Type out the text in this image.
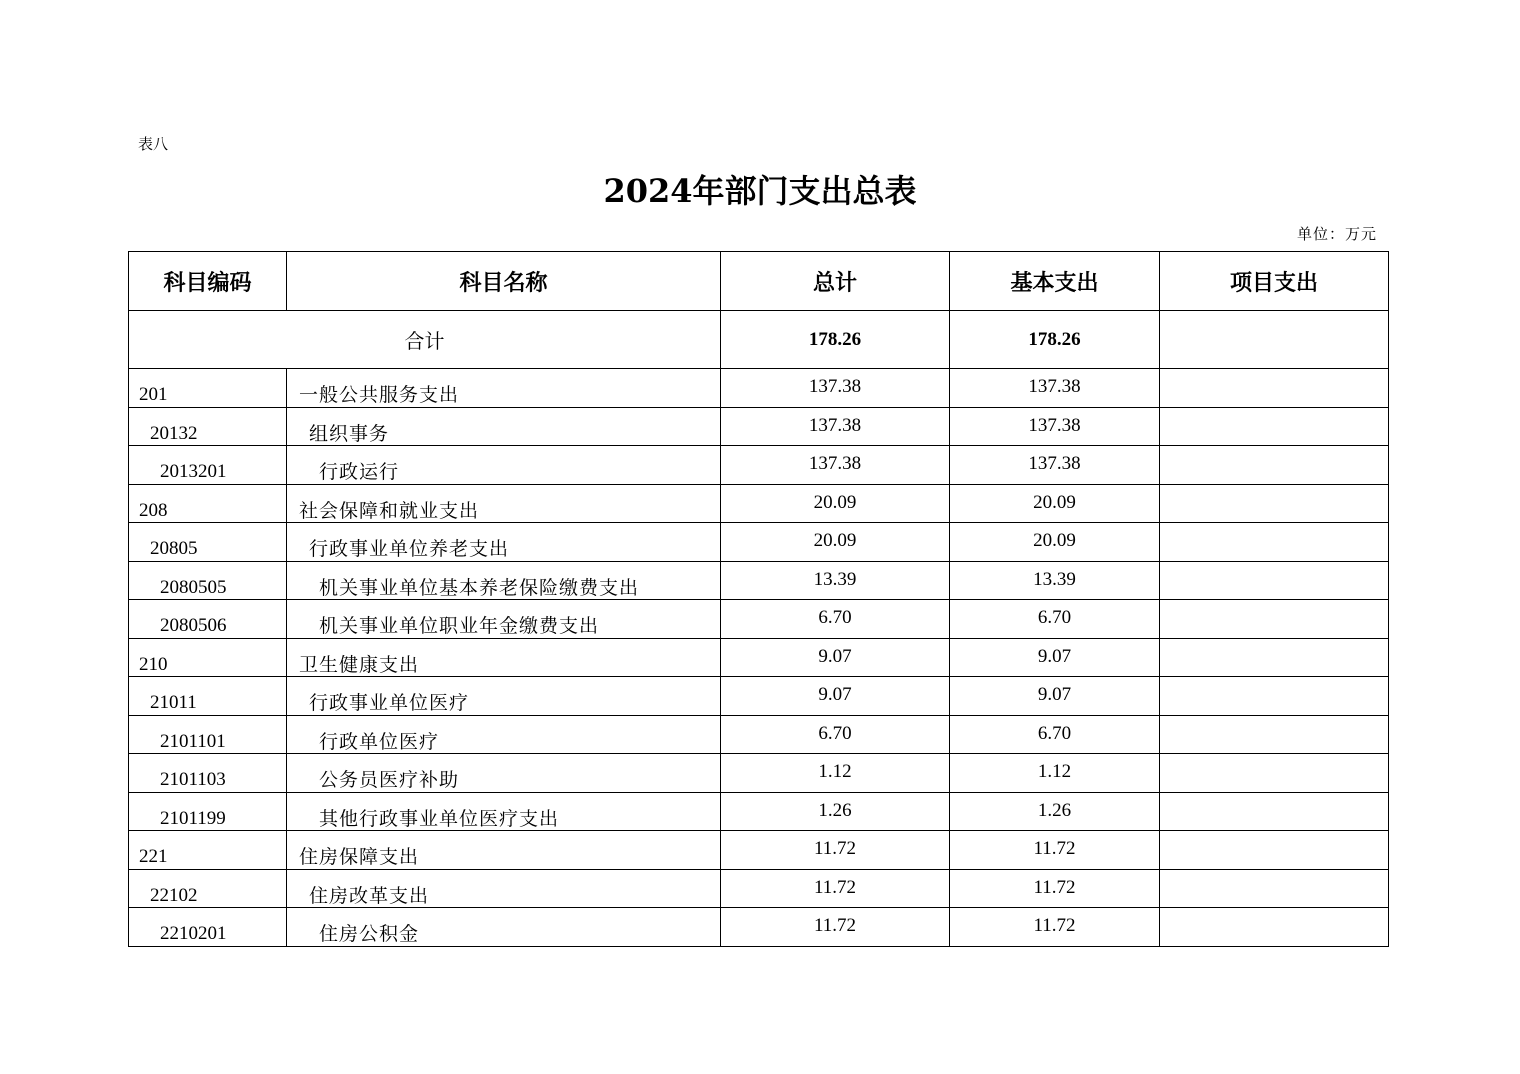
表八
2024年部门支出总表
单位：万元
科目编码	科目名称	总计	基本支出	项目支出
合计		178.26	178.26	

201	一般公共服务支出	137.38	137.38	

20132	组织事务	137.38	137.38	

2013201	行政运行	137.38	137.38	

208	社会保障和就业支出	20.09	20.09	

20805	行政事业单位养老支出	20.09	20.09	

2080505	机关事业单位基本养老保险缴费支出	13.39	13.39	

2080506	机关事业单位职业年金缴费支出	6.70	6.70	

210	卫生健康支出	9.07	9.07	

21011	行政事业单位医疗	9.07	9.07	

2101101	行政单位医疗	6.70	6.70	

2101103	公务员医疗补助	1.12	1.12	

2101199	其他行政事业单位医疗支出	1.26	1.26	

221	住房保障支出	11.72	11.72	

22102	住房改革支出	11.72	11.72	

2210201	住房公积金	11.72	11.72	
